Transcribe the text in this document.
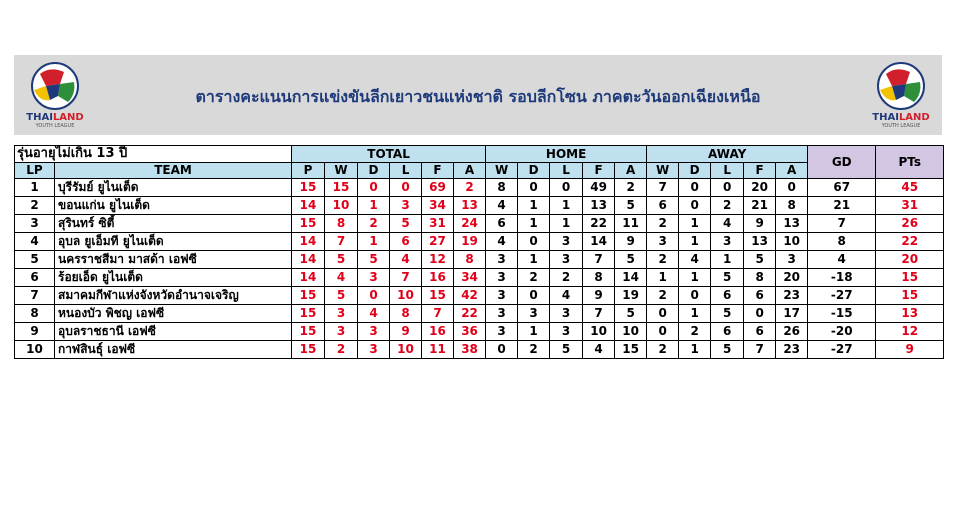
THAILAND
YOUTH LEAGUE
ตารางคะแนนการแข่งขันลีกเยาวชนแห่งชาติ รอบลีกโซน ภาคตะวันออกเฉียงเหนือ
THAILAND
YOUTH LEAGUE
รุ่นอายุไม่เกิน 13 ปี		TOTAL						HOME					AWAY					GD	PTs
LP	TEAM	P	W	D	L	F	A	W	D	L	F	A	W	D	L	F	A		
1	บุรีรัมย์ ยูไนเต็ด	15	15	0	0	69	2	8	0	0	49	2	7	0	0	20	0	67	45
2	ขอนแก่น ยูไนเต็ด	14	10	1	3	34	13	4	1	1	13	5	6	0	2	21	8	21	31
3	สุรินทร์ ซิตี้	15	8	2	5	31	24	6	1	1	22	11	2	1	4	9	13	7	26
4	อุบล ยูเอ็มที ยูไนเต็ด	14	7	1	6	27	19	4	0	3	14	9	3	1	3	13	10	8	22
5	นครราชสีมา มาสด้า เอฟซี	14	5	5	4	12	8	3	1	3	7	5	2	4	1	5	3	4	20
6	ร้อยเอ็ด ยูไนเต็ด	14	4	3	7	16	34	3	2	2	8	14	1	1	5	8	20	-18	15
7	สมาคมกีฬาแห่งจังหวัดอำนาจเจริญ	15	5	0	10	15	42	3	0	4	9	19	2	0	6	6	23	-27	15
8	หนองบัว พิชญ เอฟซี	15	3	4	8	7	22	3	3	3	7	5	0	1	5	0	17	-15	13
9	อุบลราชธานี เอฟซี	15	3	3	9	16	36	3	1	3	10	10	0	2	6	6	26	-20	12
10	กาฬสินธุ์ เอฟซี	15	2	3	10	11	38	0	2	5	4	15	2	1	5	7	23	-27	9
